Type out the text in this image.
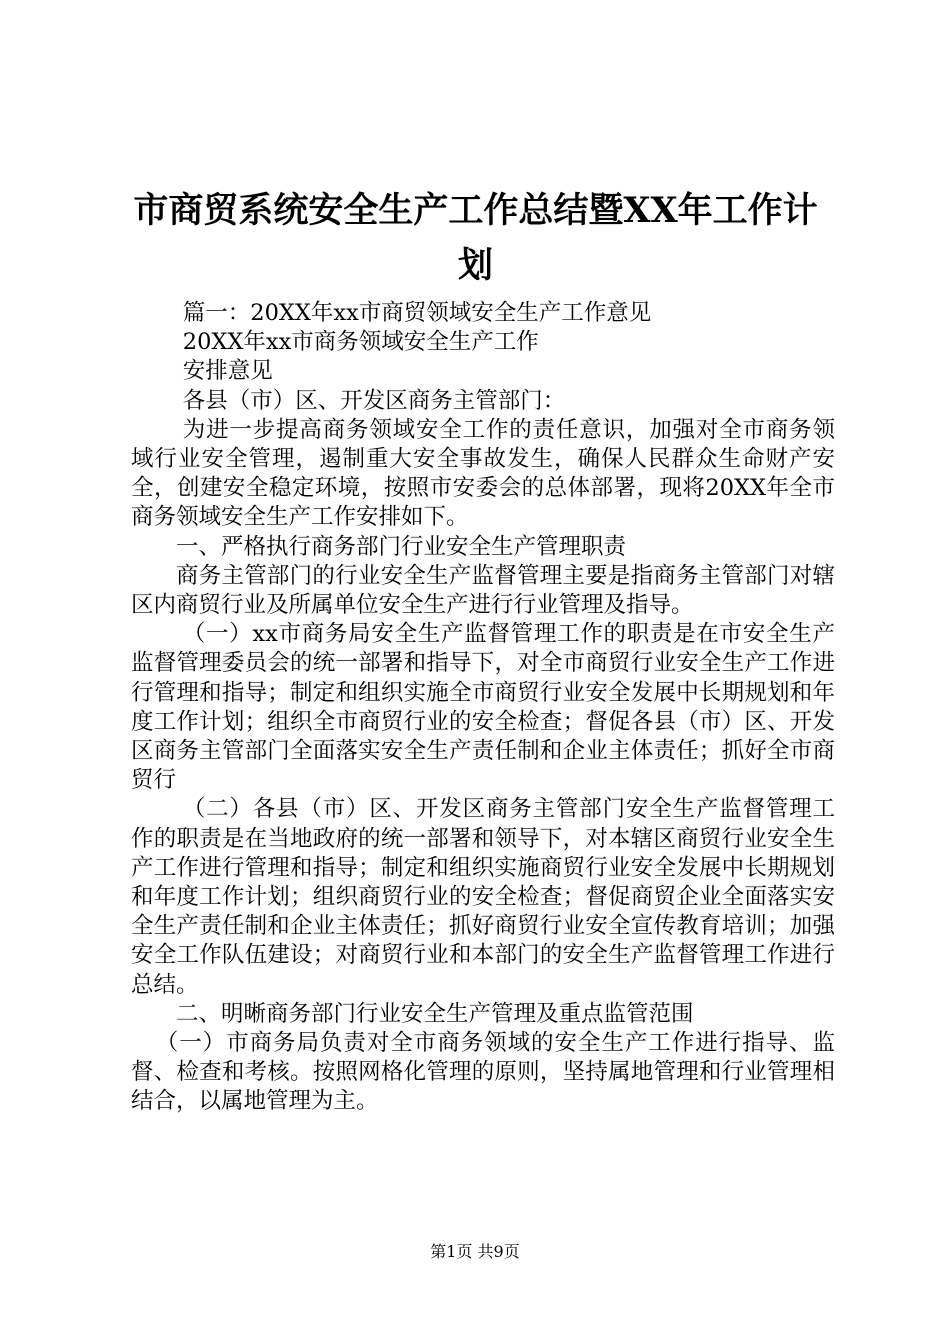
市商贸系统安全生产工作总结暨XX年工作计划

篇一：20XX年xx市商贸领域安全生产工作意见

20XX年xx市商务领域安全生产工作

安排意见

各县（市）区、开发区商务主管部门：

为进一步提高商务领域安全工作的责任意识，加强对全市商务领域行业安全管理，遏制重大安全事故发生，确保人民群众生命财产安全，创建安全稳定环境，按照市安委会的总体部署，现将20XX年全市商务领域安全生产工作安排如下。

一、严格执行商务部门行业安全生产管理职责

商务主管部门的行业安全生产监督管理主要是指商务主管部门对辖区内商贸行业及所属单位安全生产进行行业管理及指导。

（一）xx市商务局安全生产监督管理工作的职责是在市安全生产监督管理委员会的统一部署和指导下，对全市商贸行业安全生产工作进行管理和指导；制定和组织实施全市商贸行业安全发展中长期规划和年度工作计划；组织全市商贸行业的安全检查；督促各县（市）区、开发区商务主管部门全面落实安全生产责任制和企业主体责任；抓好全市商贸行

（二）各县（市）区、开发区商务主管部门安全生产监督管理工作的职责是在当地政府的统一部署和领导下，对本辖区商贸行业安全生产工作进行管理和指导；制定和组织实施商贸行业安全发展中长期规划和年度工作计划；组织商贸行业的安全检查；督促商贸企业全面落实安全生产责任制和企业主体责任；抓好商贸行业安全宣传教育培训；加强安全工作队伍建设；对商贸行业和本部门的安全生产监督管理工作进行总结。

二、明晰商务部门行业安全生产管理及重点监管范围

（一）市商务局负责对全市商务领域的安全生产工作进行指导、监督、检查和考核。按照网格化管理的原则，坚持属地管理和行业管理相结合，以属地管理为主。

第1页 共9页
